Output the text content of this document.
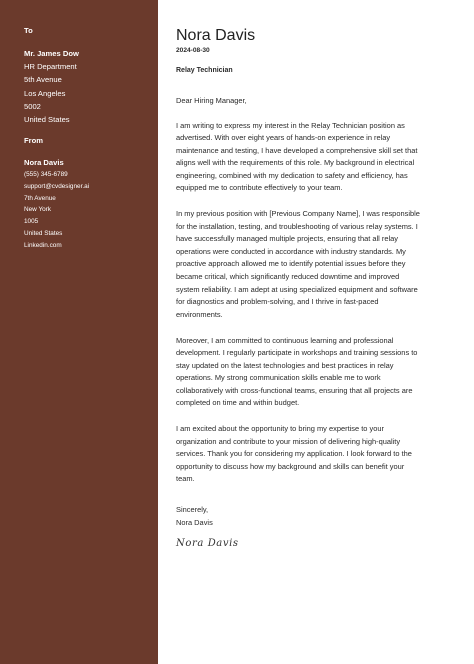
To
Mr. James Dow
HR Department
5th Avenue
Los Angeles
5002
United States
From
Nora Davis
(555) 345-6789
support@cvdesigner.ai
7th Avenue
New York
1005
United States
Linkedin.com
Nora Davis
2024-08-30
Relay Technician
Dear Hiring Manager,
I am writing to express my interest in the Relay Technician position as
advertised. With over eight years of hands-on experience in relay
maintenance and testing, I have developed a comprehensive skill set that
aligns well with the requirements of this role. My background in electrical
engineering, combined with my dedication to safety and efficiency, has
equipped me to contribute effectively to your team.
In my previous position with [Previous Company Name], I was responsible
for the installation, testing, and troubleshooting of various relay systems. I
have successfully managed multiple projects, ensuring that all relay
operations were conducted in accordance with industry standards. My
proactive approach allowed me to identify potential issues before they
became critical, which significantly reduced downtime and improved
system reliability. I am adept at using specialized equipment and software
for diagnostics and problem-solving, and I thrive in fast-paced
environments.
Moreover, I am committed to continuous learning and professional
development. I regularly participate in workshops and training sessions to
stay updated on the latest technologies and best practices in relay
operations. My strong communication skills enable me to work
collaboratively with cross-functional teams, ensuring that all projects are
completed on time and within budget.
I am excited about the opportunity to bring my expertise to your
organization and contribute to your mission of delivering high-quality
services. Thank you for considering my application. I look forward to the
opportunity to discuss how my background and skills can benefit your
team.
Sincerely,
Nora Davis
Nora Davis
